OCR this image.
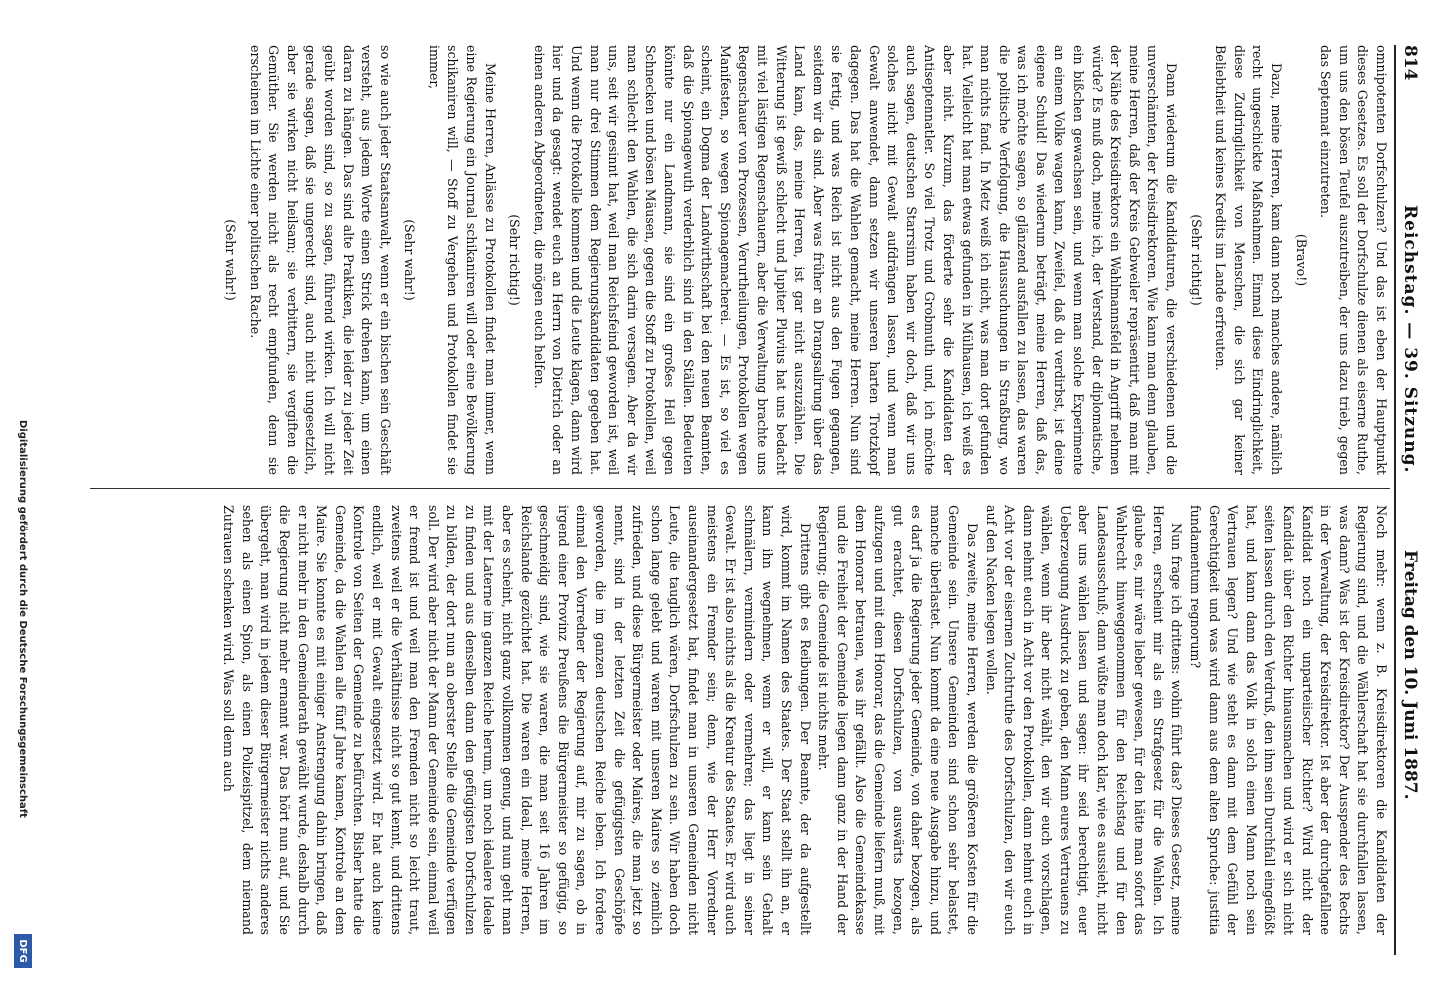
814
Reichstag. — 39. Sitzung.
Freitag den 10. Juni 1887.

omnipotenten Dorfschulzen? Und das ist eben der Hauptpunkt dieses Gesetzes. Es soll der Dorfschulze dienen als eiserne Ruthe, um uns den bösen Teufel auszutreiben, der uns dazu trieb, gegen das Septennat einzutreten.

(Bravo!)

Dazu, meine Herren, kam dann noch manches andere, nämlich recht ungeschickte Maßnahmen. Einmal diese Eindringlichkeit, diese Zudringlichkeit von Menschen, die sich gar keiner Beliebtheit und keines Kredits im Lande erfreuten.

(Sehr richtig!)

Dann wiederum die Kandidaturen, die verschiedenen und die unverschämten, der Kreisdirektoren. Wie kann man denn glauben, meine Herren, daß der Kreis Gebweiler repräsentirt, daß man mit der Nähe des Kreisdirektors ein Wahlmannsfeld in Angriff nehmen würde? Es muß doch, meine ich, der Verstand, der diplomatische, ein bißchen gewachsen sein, und wenn man solche Experimente an einem Volke wagen kann, Zweifel, daß du verdirbst, ist deine eigene Schuld! Das wiederum beträgt, meine Herren, daß das, was ich möchte sagen, so glänzend ausfallen zu lassen, das waren die politische Verfolgung, die Haussuchungen in Straßburg, wo man nichts fand. In Metz weiß ich nicht, was man dort gefunden hat. Vielleicht hat man etwas gefunden in Mülhausen, ich weiß es aber nicht. Kurzum, das förderte sehr die Kandidaten der Antiseptennatler. So viel Trotz und Grobmuth und, ich möchte auch sagen, deutschen Starrsinn haben wir doch, daß wir uns solches nicht mit Gewalt aufdrängen lassen, und wenn man Gewalt anwendet, dann setzen wir unseren harten Trotzkopf dagegen. Das hat die Wahlen gemacht, meine Herren. Nun sind sie fertig, und was Reich ist nicht aus den Fugen gegangen, seitdem wir da sind. Aber was früher an Drangsalirung über das Land kam, das, meine Herren, ist gar nicht auszuzählen. Die Witterung ist gewiß schlecht und Jupiter Pluvius hat uns bedacht mit viel lästigen Regenschauern, aber die Verwaltung brachte uns Regenschauer von Prozessen, Verurtheilungen, Protokollen wegen Manifesten, so wegen Spionagemacherei. — Es ist, so viel es scheint, ein Dogma der Landwirthschaft bei den neuen Beamten, daß die Spionagewuth verderblich sind in den Ställen. Bedeuten könnte nur ein Landmann, sie sind ein großes Heil gegen Schnecken und bösen Mäusen, gegen die Stoff zu Protokollen, weil man schlecht den Wahlen, die sich darin versagen. Aber da wir uns, seit wir gesinnt hat, weil man Reichsfeind geworden ist, weil man nur drei Stimmen dem Regierungskandidaten gegeben hat. Und wenn die Protokolle kommen und die Leute klagen, dann wird hier und da gesagt: wendet euch an Herrn von Dietrich oder an einen anderen Abgeordneten, die mögen euch helfen.

(Sehr richtig!)

Meine Herren, Anlässe zu Protokollen findet man immer, wenn eine Regierung ein Journal schikaniren will oder eine Bevölkerung schikaniren will, — Stoff zu Vergehen und Protokollen findet sie immer,

(Sehr wahr!)

so wie auch jeder Staatsanwalt, wenn er ein bischen sein Geschäft versteht, aus jedem Worte einen Strick drehen kann, um einen daran zu hängen. Das sind alte Praktiken, die leider zu jeder Zeit geübt worden sind, so zu sagen, führend wirken. Ich will nicht gerade sagen, daß sie ungerecht sind, auch nicht ungesetzlich, aber sie wirken nicht heilsam; sie verbittern, sie vergiften die Gemüther. Sie werden nicht als recht empfunden, denn sie erscheinen im Lichte einer politischen Rache.

(Sehr wahr!)

Noch mehr: wenn z. B. Kreisdirektoren die Kandidaten der Regierung sind, und die Wählerschaft hat sie durchfallen lassen, was dann? Was ist der Kreisdirektor? Der Ausspender des Rechts in der Verwaltung, der Kreisdirektor. Ist aber der durchgefallene Kandidat noch ein unparteiischer Richter? Wird nicht der Kandidat über den Richter hinausmachen und wird er sich nicht seiten lassen durch den Verdruß, den ihm sein Durchfall eingeflößt hat, und kann dann das Volk in solch einen Mann noch sein Vertrauen legen? Und wie steht es dann mit dem Gefühl der Gerechtigkeit und was wird dann aus dem alten Spruche: justitia fundamentum regnorum?

Nun frage ich drittens: wohin führt das? Dieses Gesetz, meine Herren, erscheint mir als ein Strafgesetz für die Wahlen. Ich glaube es, mir wäre lieber gewesen, für den hätte man sofort das Wahlrecht hinweggenommen für den Reichstag und für den Landesausschuß; dann wüßte man doch klar, wie es aussieht, nicht aber uns wählen lassen und sagen: ihr seid berechtigt, euer Ueberzeugung Ausdruck zu geben, den Mann eures Vertrauens zu wählen, wenn ihr aber nicht wählt, den wir euch vorschlagen, dann nehmt euch in Acht vor den Protokollen, dann nehmt euch in Acht vor der eisernen Zuchtruthe des Dorfschulzen, den wir euch auf den Nacken legen wollen.

Das zweite, meine Herren, werden die größeren Kosten für die Gemeinde sein. Unsere Gemeinden sind schon sehr belastet, manche überlastet. Nun kommt da eine neue Ausgabe hinzu, und es darf ja die Regierung jeder Gemeinde, von daher bezogen, als gut erachtet, diesen Dorfschulzen, von auswärts bezogen, aufzugen und mit dem Honorar, das die Gemeinde liefern muß, mit dem Honorar betrauen, was ihr gefällt. Also die Gemeindekasse und die Freiheit der Gemeinde liegen dann ganz in der Hand der Regierung; die Gemeinde ist nichts mehr.

Drittens gibt es Reibungen. Der Beamte, der da aufgestellt wird, kommt im Namen des Staates. Der Staat stellt ihn an, er kann ihn wegnehmen, wenn er will, er kann sein Gehalt schmälern, vermindern oder vermehren; das liegt in seiner Gewalt. Er ist also nichts als die Kreatur des Staates. Er wird auch meistens ein Fremder sein; denn, wie der Herr Vorredner auseinandergesetzt hat, findet man in unseren Gemeinden nicht Leute, die tauglich wären, Dorfschulzen zu sein. Wir haben doch schon lange gelebt und waren mit unseren Maires so ziemlich zufrieden, und diese Bürgermeister oder Maires, die man jetzt so nennt, sind in der letzten Zeit die gefügigsten Geschöpfe geworden, die im ganzen deutschen Reiche leben. Ich fordere einmal den Vorredner der Regierung auf, mir zu sagen, ob in irgend einer Provinz Preußens die Bürgermeister so gefügig, so geschmeidig sind, wie sie waren, die man seit 16 Jahren im Reichslande gezüchtet hat. Die waren ein Ideal, meine Herren, aber es scheint, nicht ganz vollkommen genug, und nun geht man mit der Laterne im ganzen Reiche herum, um noch idealere Ideale zu finden und aus denselben dann den gefügigsten Dorfschulzen zu bilden, der dort nun an oberster Stelle die Gemeinde verfügen soll. Der wird aber nicht der Mann der Gemeinde sein, einmal weil er fremd ist und weil man den Fremden nicht so leicht traut, zweitens weil er die Verhältnisse nicht so gut kennt, und drittens endlich, weil er mit Gewalt eingesetzt wird. Er hat auch keine Kontrole von Seiten der Gemeinde zu befürchten. Bisher hatte die Gemeinde, da die Wahlen alle fünf Jahre kamen, Kontrole an dem Maire. Sie konnte es mit einiger Anstrengung dahin bringen, daß er nicht mehr in den Gemeinderath gewählt wurde, deshalb durch die Regierung nicht mehr ernannt war. Das hört nun auf, und Sie übergeht, man wird in jedem dieser Bürgermeister nichts anderes sehen als einen Spion, als einen Polizeispitzel, dem niemand Zutrauen schenken wird. Was soll denn auch

Digitalisierung gefördert durch die Deutsche Forschungsgemeinschaft
DFG
